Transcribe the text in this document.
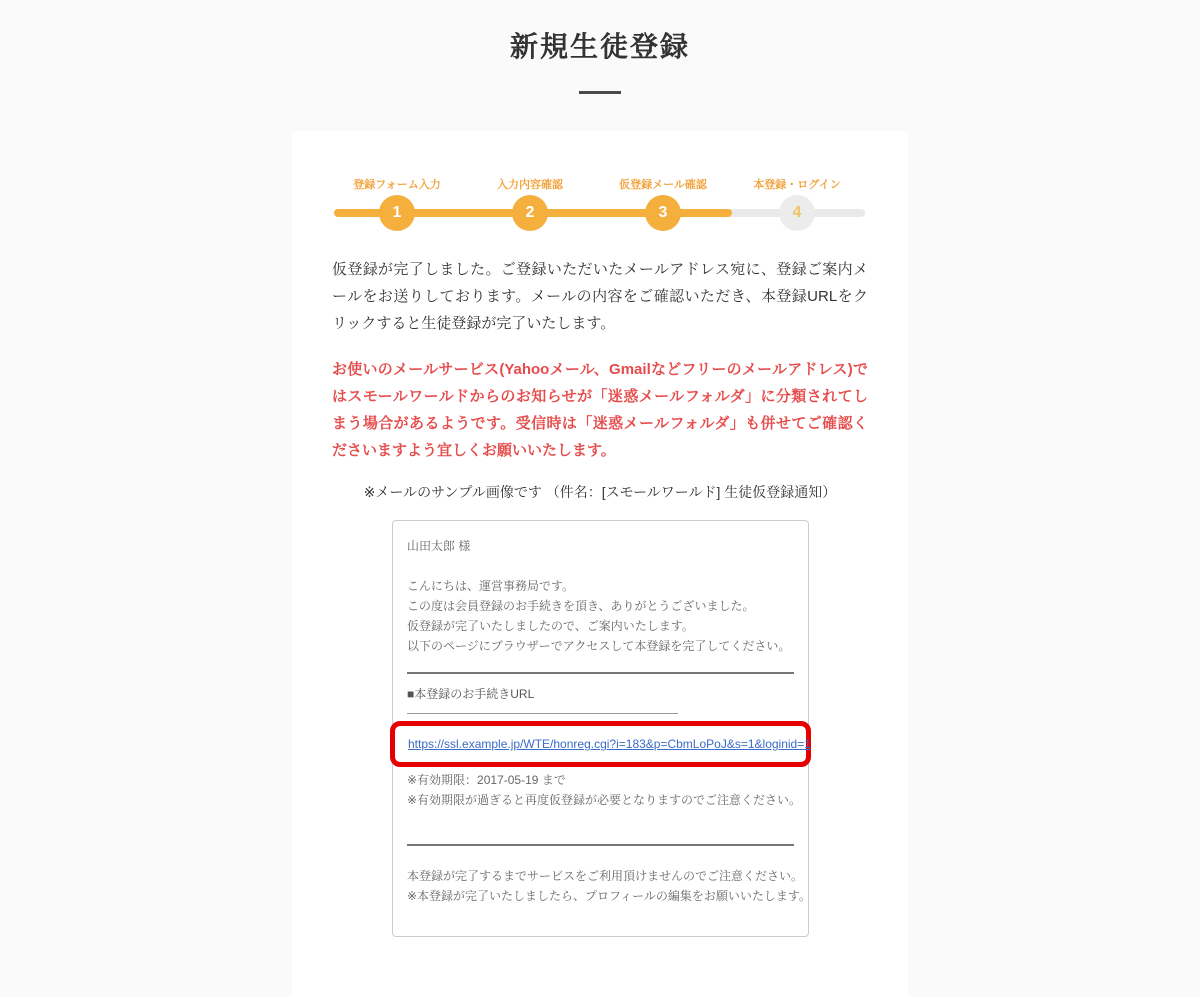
新規生徒登録
登録フォーム入力
1
入力内容確認
2
仮登録メール確認
3
本登録・ログイン
4

仮登録が完了しました。ご登録いただいたメールアドレス宛に、登録ご案内メールをお送りしております。メールの内容をご確認いただき、本登録URLをクリックすると生徒登録が完了いたします。

お使いのメールサービス(Yahooメール、Gmailなどフリーのメールアドレス)ではスモールワールドからのお知らせが「迷惑メールフォルダ」に分類されてしまう場合があるようです。受信時は「迷惑メールフォルダ」も併せてご確認くださいますよう宜しくお願いいたします。

※メールのサンプル画像です （件名：[スモールワールド] 生徒仮登録通知）

山田太郎 様
こんにちは、運営事務局です。
この度は会員登録のお手続きを頂き、ありがとうございました。
仮登録が完了いたしましたので、ご案内いたします。
以下のページにブラウザーでアクセスして本登録を完了してください。
■本登録のお手続きURL
https://ssl.example.jp/WTE/honreg.cgi?i=183&p=CbmLoPoJ&s=1&loginid=1
※有効期限：2017-05-19 まで
※有効期限が過ぎると再度仮登録が必要となりますのでご注意ください。
本登録が完了するまでサービスをご利用頂けませんのでご注意ください。
※本登録が完了いたしましたら、プロフィールの編集をお願いいたします。
